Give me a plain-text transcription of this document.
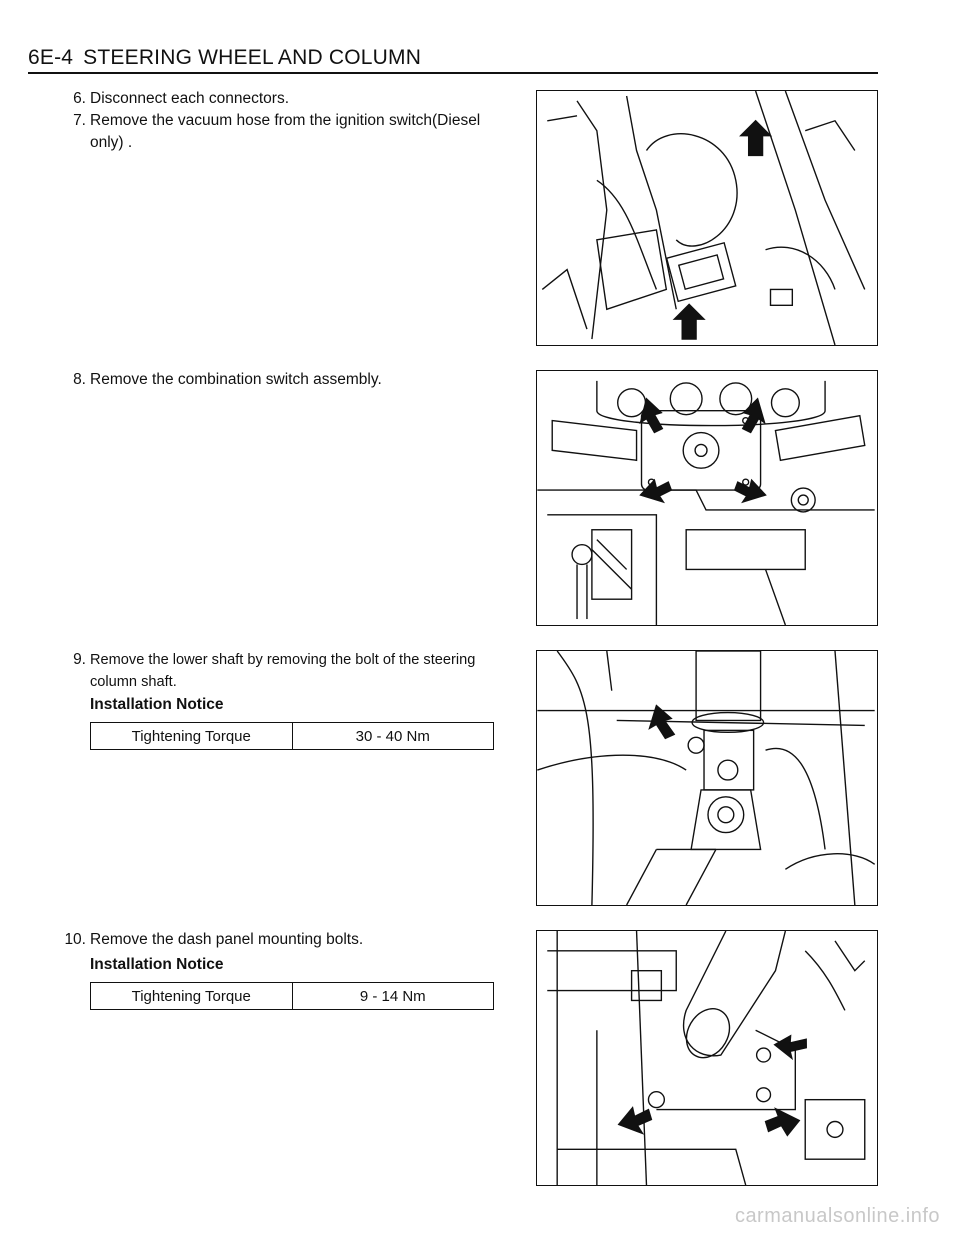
6E-4 STEERING WHEEL AND COLUMN
6. Disconnect each connectors.
7. Remove the vacuum hose from the ignition switch(Diesel only) .
8. Remove the combination switch assembly.
9. Remove the lower shaft by removing the bolt of the steering column shaft.
Installation Notice
Tightening Torque	30 - 40 Nm
10. Remove the dash panel mounting bolts.
Installation Notice
Tightening Torque	9 - 14 Nm
carmanualsonline.info
